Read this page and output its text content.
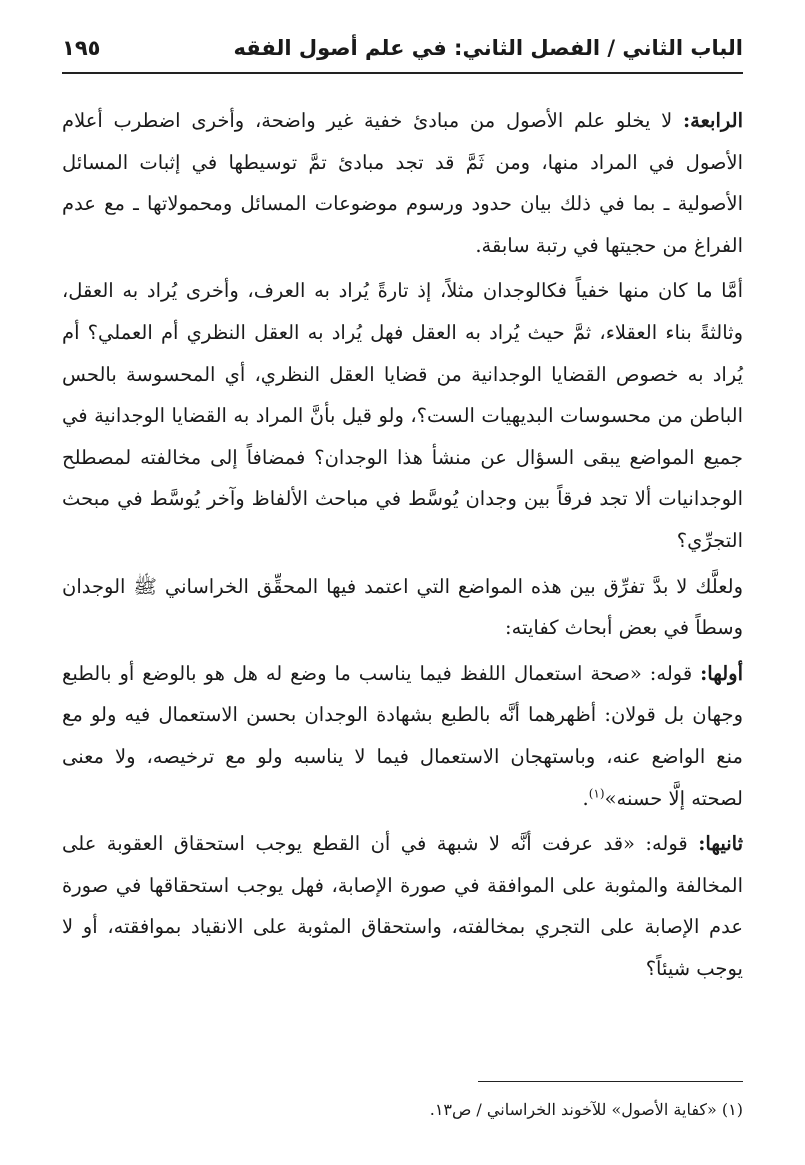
الباب الثاني / الفصل الثاني: في علم أصول الفقه
١٩٥

الرابعة: لا يخلو علم الأصول من مبادئ خفية غير واضحة، وأخرى اضطرب أعلام الأصول في المراد منها، ومن ثَمَّ قد تجد مبادئ تمَّ توسيطها في إثبات المسائل الأصولية ـ بما في ذلك بيان حدود ورسوم موضوعات المسائل ومحمولاتها ـ مع عدم الفراغ من حجيتها في رتبة سابقة.

أمَّا ما كان منها خفياً فكالوجدان مثلاً، إذ تارةً يُراد به العرف، وأخرى يُراد به العقل، وثالثةً بناء العقلاء، ثمَّ حيث يُراد به العقل فهل يُراد به العقل النظري أم العملي؟ أم يُراد به خصوص القضايا الوجدانية من قضايا العقل النظري، أي المحسوسة بالحس الباطن من محسوسات البديهيات الست؟، ولو قيل بأنَّ المراد به القضايا الوجدانية في جميع المواضع يبقى السؤال عن منشأ هذا الوجدان؟ فمضافاً إلى مخالفته لمصطلح الوجدانيات ألا تجد فرقاً بين وجدان يُوسَّط في مباحث الألفاظ وآخر يُوسَّط في مبحث التجرِّي؟

ولعلَّك لا بدَّ تفرِّق بين هذه المواضع التي اعتمد فيها المحقِّق الخراساني ﷺ الوجدان وسطاً في بعض أبحاث كفايته:

أولها: قوله: «صحة استعمال اللفظ فيما يناسب ما وضع له هل هو بالوضع أو بالطبع وجهان بل قولان: أظهرهما أنَّه بالطبع بشهادة الوجدان بحسن الاستعمال فيه ولو مع منع الواضع عنه، وباستهجان الاستعمال فيما لا يناسبه ولو مع ترخيصه، ولا معنى لصحته إلَّا حسنه»$^{(١)}$.

ثانيها: قوله: «قد عرفت أنَّه لا شبهة في أن القطع يوجب استحقاق العقوبة على المخالفة والمثوبة على الموافقة في صورة الإصابة، فهل يوجب استحقاقها في صورة عدم الإصابة على التجري بمخالفته، واستحقاق المثوبة على الانقياد بموافقته، أو لا يوجب شيئاً؟

(١) «كفاية الأصول» للآخوند الخراساني / ص١٣.
